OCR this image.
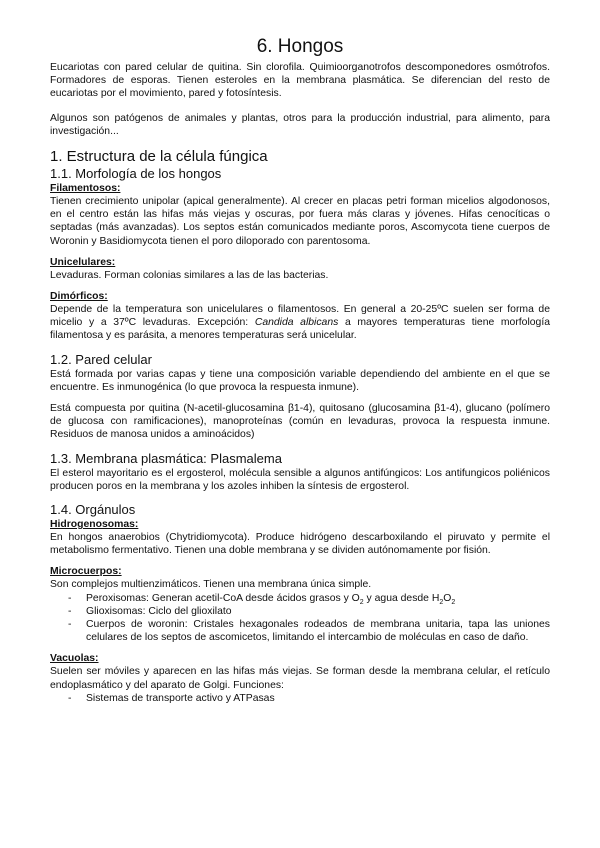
6. Hongos

Eucariotas con pared celular de quitina. Sin clorofila. Quimioorganotrofos descomponedores osmótrofos. Formadores de esporas. Tienen esteroles en la membrana plasmática. Se diferencian del resto de eucariotas por el movimiento, pared y fotosíntesis.

Algunos son patógenos de animales y plantas, otros para la producción industrial, para alimento, para investigación...

1. Estructura de la célula fúngica
1.1. Morfología de los hongos

Filamentosos:

Tienen crecimiento unipolar (apical generalmente). Al crecer en placas petri forman micelios algodonosos, en el centro están las hifas más viejas y oscuras, por fuera más claras y jóvenes. Hifas cenocíticas o septadas (más avanzadas). Los septos están comunicados mediante poros, Ascomycota tiene cuerpos de Woronin y Basidiomycota tienen el poro diloporado con parentosoma.

Unicelulares:

Levaduras. Forman colonias similares a las de las bacterias.

Dimórficos:

Depende de la temperatura son unicelulares o filamentosos. En general a 20-25ºC suelen ser forma de micelio y a 37ºC levaduras. Excepción: Candida albicans a mayores temperaturas tiene morfología filamentosa y es parásita, a menores temperaturas será unicelular.

1.2. Pared celular

Está formada por varias capas y tiene una composición variable dependiendo del ambiente en el que se encuentre. Es inmunogénica (lo que provoca la respuesta inmune).

Está compuesta por quitina (N-acetil-glucosamina β1-4), quitosano (glucosamina β1-4), glucano (polímero de glucosa con ramificaciones), manoproteínas (común en levaduras, provoca la respuesta inmune. Residuos de manosa unidos a aminoácidos)

1.3. Membrana plasmática: Plasmalema

El esterol mayoritario es el ergosterol, molécula sensible a algunos antifúngicos: Los antifungicos poliénicos producen poros en la membrana y los azoles inhiben la síntesis de ergosterol.

1.4. Orgánulos

Hidrogenosomas:

En hongos anaerobios (Chytridiomycota). Produce hidrógeno descarboxilando el piruvato y permite el metabolismo fermentativo. Tienen una doble membrana y se dividen autónomamente por fisión.

Microcuerpos:

Son complejos multienzimáticos. Tienen una membrana única simple.

- Peroxisomas: Generan acetil-CoA desde ácidos grasos y $O_2$ y agua desde $H_2O_2$
- Glioxisomas: Ciclo del glioxilato
- Cuerpos de woronin: Cristales hexagonales rodeados de membrana unitaria, tapa las uniones celulares de los septos de ascomicetos, limitando el intercambio de moléculas en caso de daño.

Vacuolas:

Suelen ser móviles y aparecen en las hifas más viejas. Se forman desde la membrana celular, el retículo endoplasmático y del aparato de Golgi. Funciones:

- Sistemas de transporte activo y ATPasas
